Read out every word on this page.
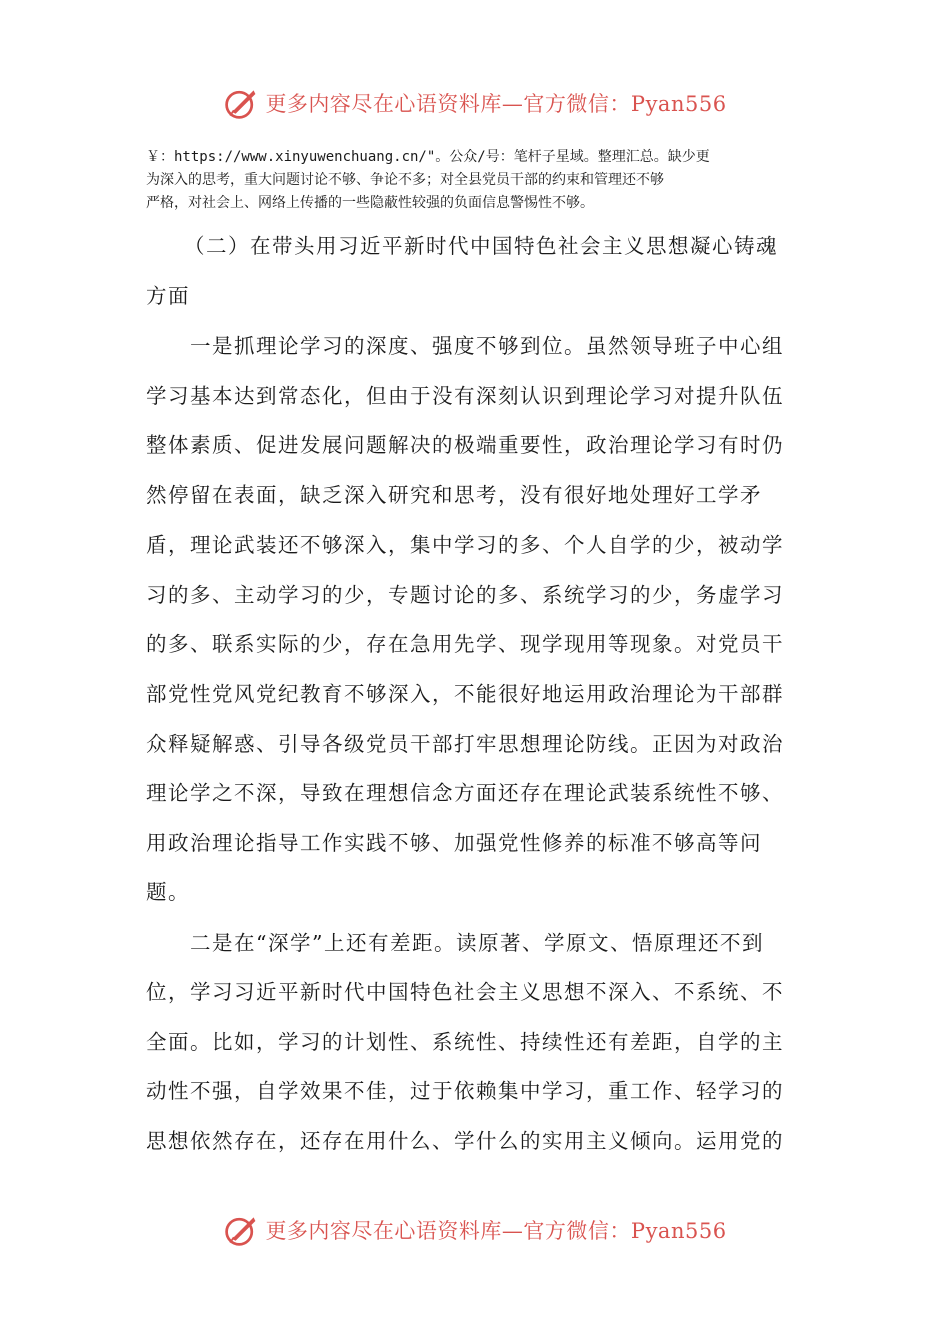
更多内容尽在心语资料库—官方微信：Pyan556
￥：https://www.xinyuwenchuang.cn/"。公众/号：笔杆子星域。整理汇总。缺少更
为深入的思考，重大问题讨论不够、争论不多；对全县党员干部的约束和管理还不够
严格，对社会上、网络上传播的一些隐蔽性较强的负面信息警惕性不够。
（二）在带头用习近平新时代中国特色社会主义思想凝心铸魂
方面
一是抓理论学习的深度、强度不够到位。虽然领导班子中心组
学习基本达到常态化，但由于没有深刻认识到理论学习对提升队伍
整体素质、促进发展问题解决的极端重要性，政治理论学习有时仍
然停留在表面，缺乏深入研究和思考，没有很好地处理好工学矛
盾，理论武装还不够深入，集中学习的多、个人自学的少，被动学
习的多、主动学习的少，专题讨论的多、系统学习的少，务虚学习
的多、联系实际的少，存在急用先学、现学现用等现象。对党员干
部党性党风党纪教育不够深入，不能很好地运用政治理论为干部群
众释疑解惑、引导各级党员干部打牢思想理论防线。正因为对政治
理论学之不深，导致在理想信念方面还存在理论武装系统性不够、
用政治理论指导工作实践不够、加强党性修养的标准不够高等问
题。
二是在“深学”上还有差距。读原著、学原文、悟原理还不到
位，学习习近平新时代中国特色社会主义思想不深入、不系统、不
全面。比如，学习的计划性、系统性、持续性还有差距，自学的主
动性不强，自学效果不佳，过于依赖集中学习，重工作、轻学习的
思想依然存在，还存在用什么、学什么的实用主义倾向。运用党的
更多内容尽在心语资料库—官方微信：Pyan556
